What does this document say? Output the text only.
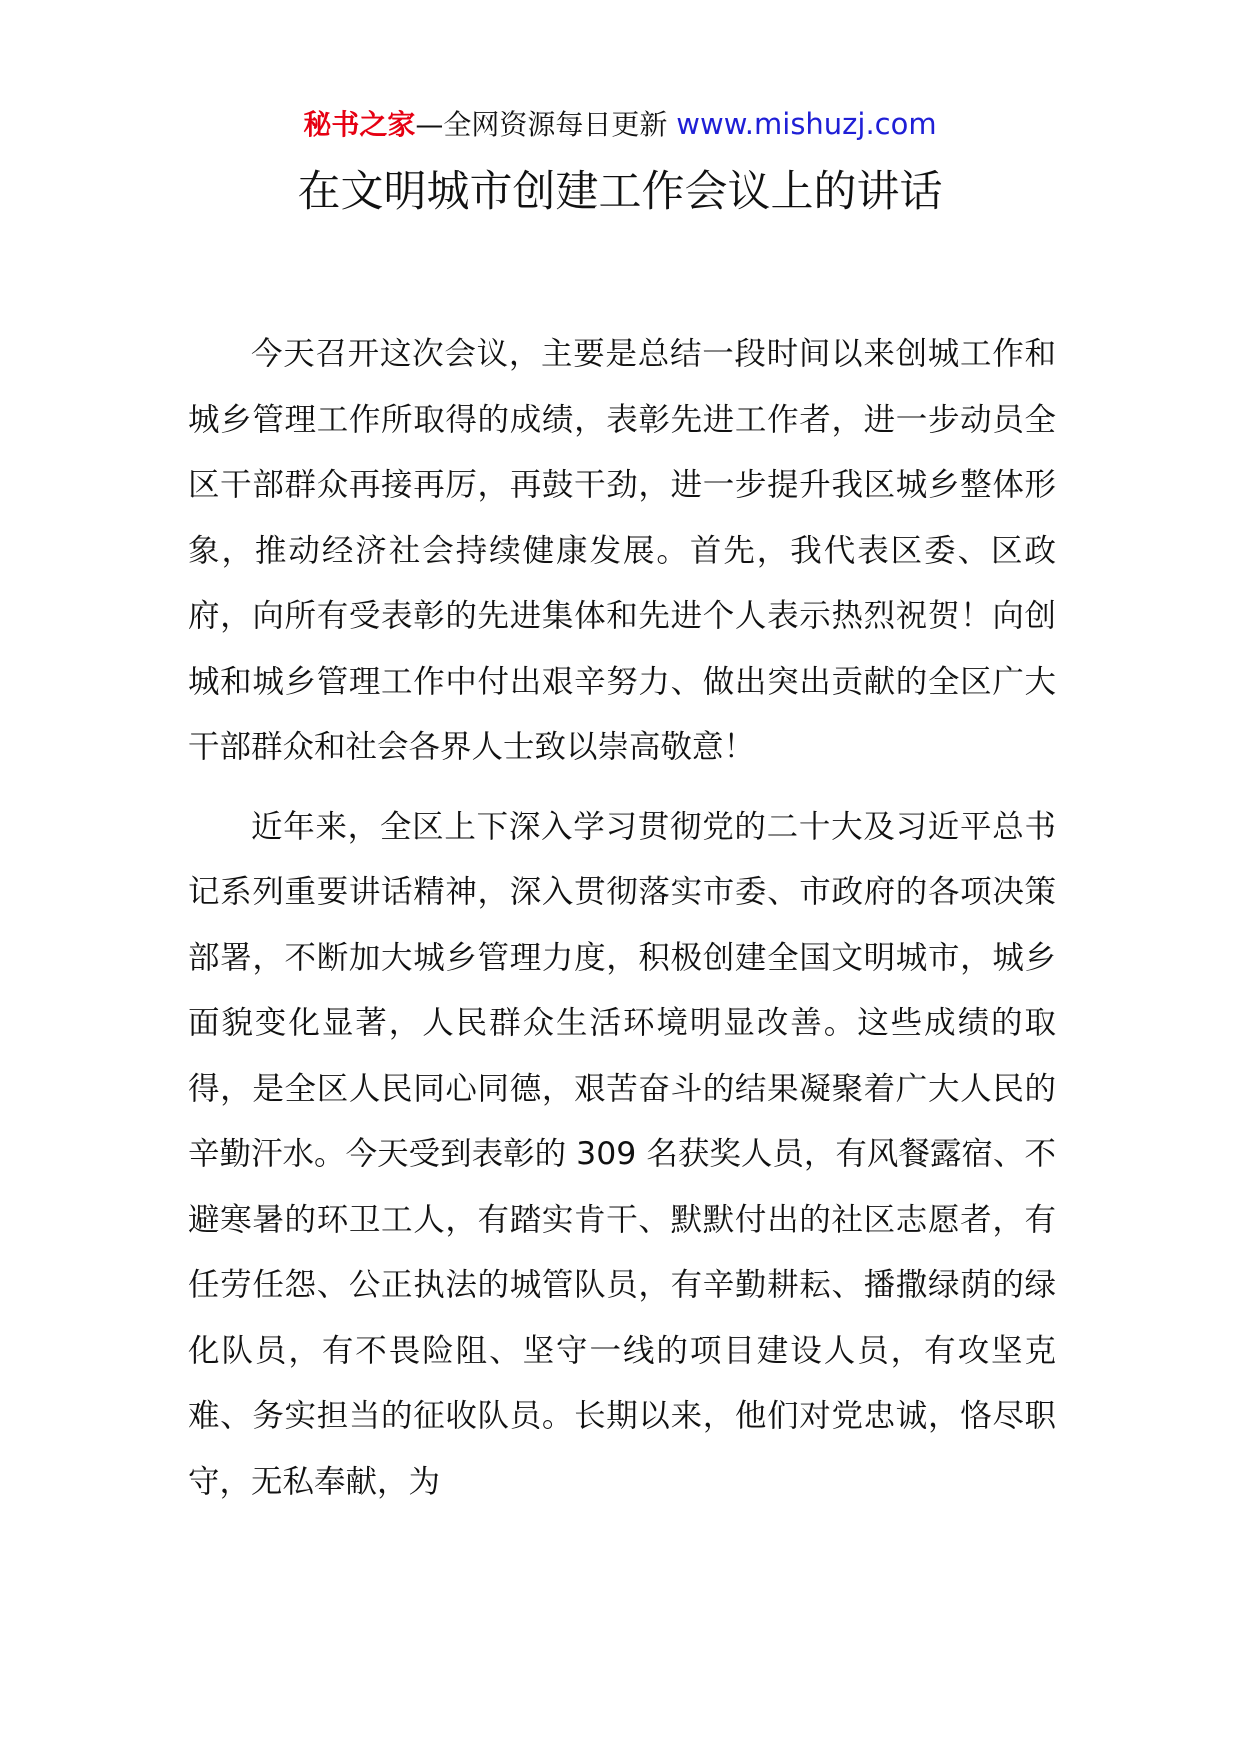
秘书之家—全网资源每日更新 www.mishuzj.com
在文明城市创建工作会议上的讲话

今天召开这次会议，主要是总结一段时间以来创城工作和城乡管理工作所取得的成绩，表彰先进工作者，进一步动员全区干部群众再接再厉，再鼓干劲，进一步提升我区城乡整体形象，推动经济社会持续健康发展。首先，我代表区委、区政府，向所有受表彰的先进集体和先进个人表示热烈祝贺！向创城和城乡管理工作中付出艰辛努力、做出突出贡献的全区广大干部群众和社会各界人士致以崇高敬意！

近年来，全区上下深入学习贯彻党的二十大及习近平总书记系列重要讲话精神，深入贯彻落实市委、市政府的各项决策部署，不断加大城乡管理力度，积极创建全国文明城市，城乡面貌变化显著，人民群众生活环境明显改善。这些成绩的取得，是全区人民同心同德，艰苦奋斗的结果凝聚着广大人民的辛勤汗水。今天受到表彰的 309 名获奖人员，有风餐露宿、不避寒暑的环卫工人，有踏实肯干、默默付出的社区志愿者，有任劳任怨、公正执法的城管队员，有辛勤耕耘、播撒绿荫的绿化队员，有不畏险阻、坚守一线的项目建设人员，有攻坚克难、务实担当的征收队员。长期以来，他们对党忠诚，恪尽职守，无私奉献，为
